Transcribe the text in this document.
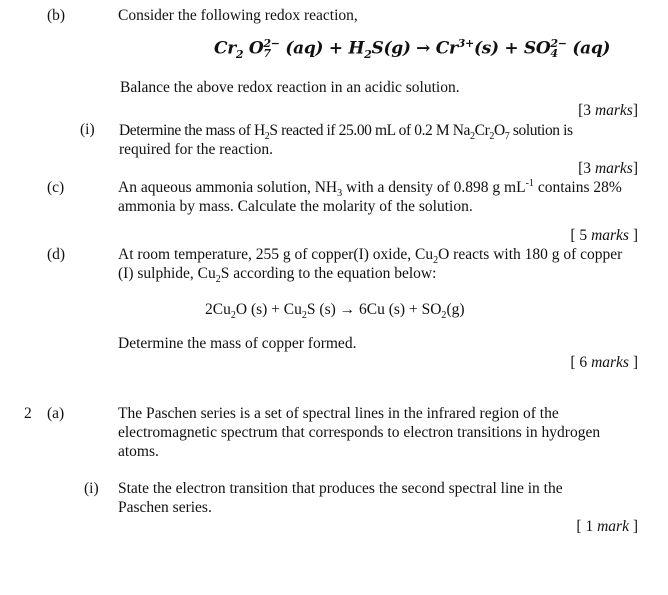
(b)	Consider the following redox reaction,
$Cr_2$ O 2−
7 $(aq) + H_2S(g) \to Cr^{3+}(s)$ + SO 2−
4 (aq)
Balance the above redox reaction in an acidic solution.
[3 marks]
(i) Determine the mass of $H_2S$ reacted if 25.00 mL of 0.2 M $Na_2Cr_2O_7$ solution is
required for the reaction.
[3 marks]
(c)	An aqueous ammonia solution, $NH_3$ with a density of 0.898 g $mL^{-1}$ contains 28%
ammonia by mass. Calculate the molarity of the solution.
[ 5 marks ]
(d)	At room temperature, 255 g of copper(I) oxide, $Cu_2O$ reacts with 180 g of copper
(I) sulphide, $Cu_2S$ according to the equation below:
$2Cu_2O$ $(s) + Cu_2S$ (s) → 6Cu $(s) + SO_2(g)$
Determine the mass of copper formed.
[ 6 marks ]
2 (a)	The Paschen series is a set of spectral lines in the infrared region of the
electromagnetic spectrum that corresponds to electron transitions in hydrogen
atoms.
(i) State the electron transition that produces the second spectral line in the
Paschen series.
[ 1 mark ]
